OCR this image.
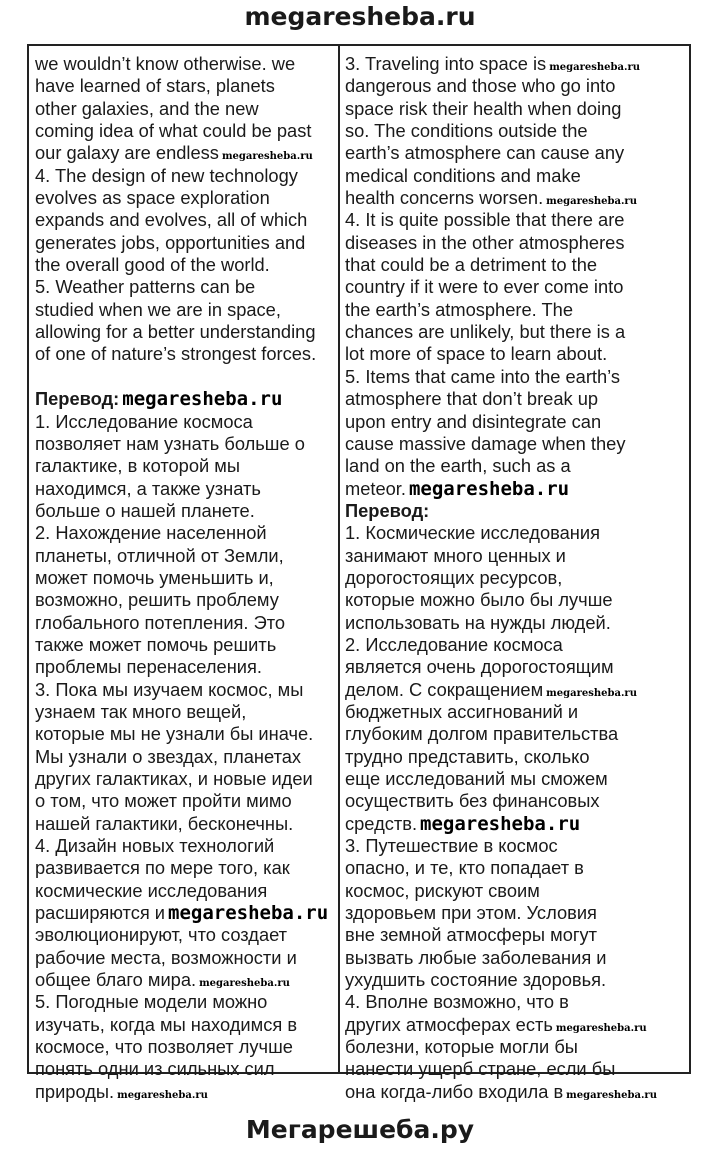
megaresheba.ru
we wouldn’t know otherwise. we
have learned of stars, planets
other galaxies, and the new
coming idea of what could be past
our galaxy are endless megaresheba.ru
4. The design of new technology
evolves as space exploration
expands and evolves, all of which
generates jobs, opportunities and
the overall good of the world.
5. Weather patterns can be
studied when we are in space,
allowing for a better understanding
of one of nature’s strongest forces.
Перевод: megaresheba.ru
1. Исследование космоса
позволяет нам узнать больше о
галактике, в которой мы
находимся, а также узнать
больше о нашей планете.
2. Нахождение населенной
планеты, отличной от Земли,
может помочь уменьшить и,
возможно, решить проблему
глобального потепления. Это
также может помочь решить
проблемы перенаселения.
3. Пока мы изучаем космос, мы
узнаем так много вещей,
которые мы не узнали бы иначе.
Мы узнали о звездах, планетах
других галактиках, и новые идеи
о том, что может пройти мимо
нашей галактики, бесконечны.
4. Дизайн новых технологий
развивается по мере того, как
космические исследования
расширяются и megaresheba.ru
эволюционируют, что создает
рабочие места, возможности и
общее благо мира. megaresheba.ru
5. Погодные модели можно
изучать, когда мы находимся в
космосе, что позволяет лучше
понять одни из сильных сил
природы. megaresheba.ru
3. Traveling into space is megaresheba.ru
dangerous and those who go into
space risk their health when doing
so. The conditions outside the
earth’s atmosphere can cause any
medical conditions and make
health concerns worsen. megaresheba.ru
4. It is quite possible that there are
diseases in the other atmospheres
that could be a detriment to the
country if it were to ever come into
the earth’s atmosphere. The
chances are unlikely, but there is a
lot more of space to learn about.
5. Items that came into the earth’s
atmosphere that don’t break up
upon entry and disintegrate can
cause massive damage when they
land on the earth, such as a
meteor. megaresheba.ru
Перевод:
1. Космические исследования
занимают много ценных и
дорогостоящих ресурсов,
которые можно было бы лучше
использовать на нужды людей.
2. Исследование космоса
является очень дорогостоящим
делом. С сокращением megaresheba.ru
бюджетных ассигнований и
глубоким долгом правительства
трудно представить, сколько
еще исследований мы сможем
осуществить без финансовых
средств. megaresheba.ru
3. Путешествие в космос
опасно, и те, кто попадает в
космос, рискуют своим
здоровьем при этом. Условия
вне земной атмосферы могут
вызвать любые заболевания и
ухудшить состояние здоровья.
4. Вполне возможно, что в
других атмосферах есть megaresheba.ru
болезни, которые могли бы
нанести ущерб стране, если бы
она когда-либо входила в megaresheba.ru
Мегарешеба.ру
